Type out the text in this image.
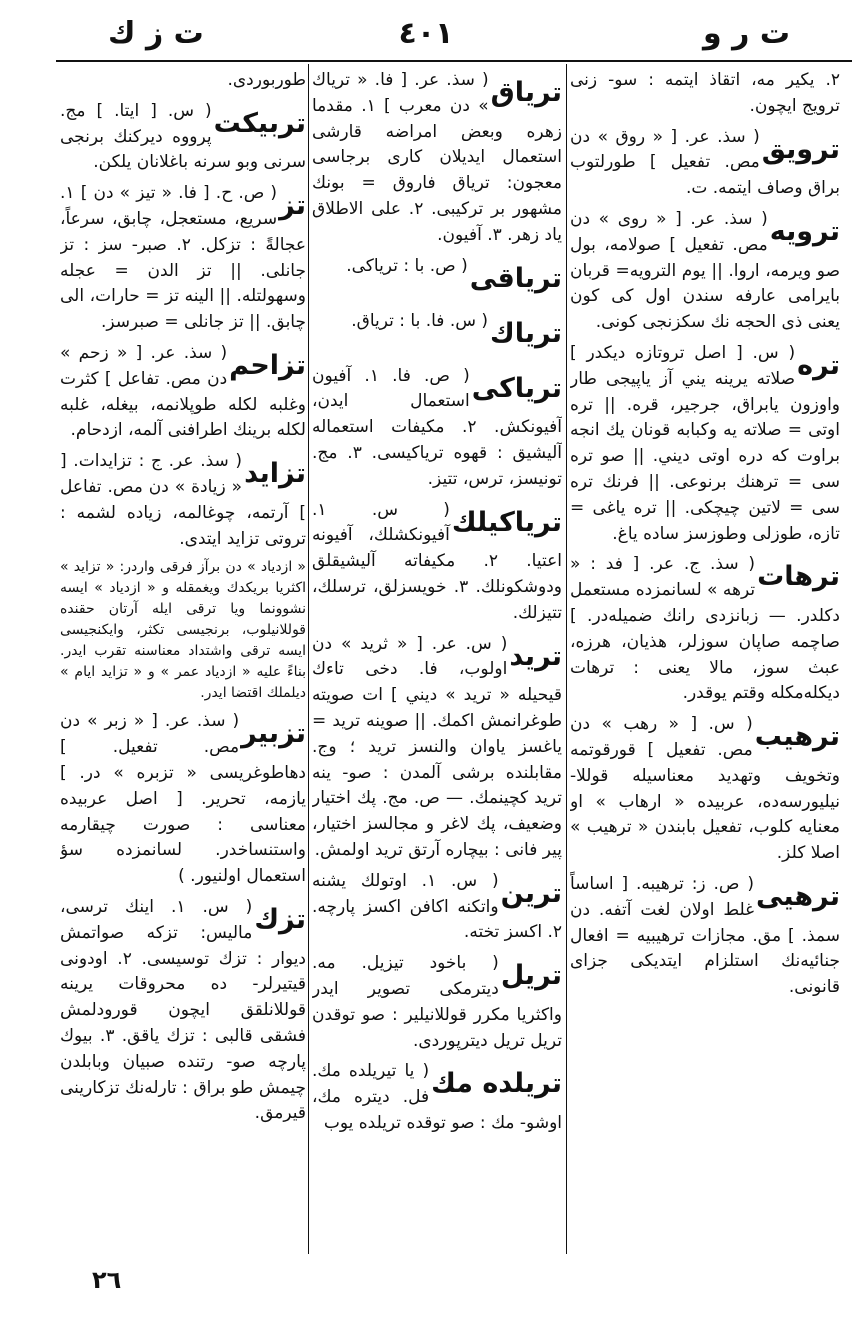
ت ر و
٤٠١
ت ز ك
٢. يكير مه، اتقاذ ايتمه : سو- زنى ترويج ايچون.
ترويق
( سذ. عر. [ « روق » دن مص. تفعيل ] طورلتوب براق وصاف ايتمه. ت.
ترويه
( سذ. عر. [ « روى » دن مص. تفعيل ] صولامه، بول صو ويرمه، اروا. || يوم الترويه= قربان بايرامى عارفه سندن اول كى كون يعنى ذى الحجه نك سكزنجى كونى.
تره
( س. [ اصل تروتازه ديكدر ] صلاته يرينه يني آز ياپيجى طار واوزون يابراق، جرجير، قره. || تره اوتى = صلاته يه وكبابه قونان يك انجه براوت كه دره اوتى ديني. || صو تره سى = ترهنك برنوعى. || فرنك تره سى = لاتين چيچكى. || تره ياغى = تازه، طوزلى وطوزسز ساده ياغ.
ترهات
( سذ. ج. عر. [ فد : « ترهه » لسانمزده مستعمل دكلدر. — زبانزدى رانك ضميله‌در. ] صاچمه صاپان سوزلر، هذيان، هرزه، عبث سوز، مالا يعنى : ترهات ديكله‌مكله وقتم يوقدر.
ترهيب
( س. [ « رهب » دن مص. تفعيل ] قورقوتمه وتخويف وتهديد معناسيله قوللا- نيليورسه‌ده، عربيده « ارهاب » او معنايه كلوب، تفعيل بابندن « ترهيب » اصلا كلز.
ترهيى
( ص. ز: ترهيبه. [ اساساً غلط اولان لغت آتفه. دن سمذ. ] مق. مجازات ترهيبيه = افعال جنائيه‌نك استلزام ايتديكى جزاى قانونى.
ترياق
( سذ. عر. [ فا. « ترياك » دن معرب ] ١. مقدما زهره وبعض امراضه قارشى استعمال ايديلان كارى برجاسى معجون: ترياق فاروق = بونك مشهور بر تركيبى. ٢. على الاطلاق ياد زهر. ٣. آفيون.
ترياقى
( ص. با : ترياكى.
ترياك
( س. فا. با : ترياق.
ترياكى
( ص. فا. ١. آفيون استعمال ايدن، آفيونكش. ٢. مكيفات استعماله آليشيق : قهوه ترياكيسى. ٣. مج. تونيسز، ترس، تتيز.
ترياكيلك
( س. ١. آفيونكشلك، آفيونه اعتيا. ٢. مكيفاته آليشيقلق ودوشكونلك. ٣. خويسزلق، ترسلك، تتيزلك.
تريد
( س. عر. [ « ثريد » دن اولوب، فا. دخى تاءك قيحيله « تريد » ديني ] ات صويته طوغرانمش اكمك. || صوينه تريد = ياغسز ياوان والنسز تريد ؛ وج. مقابلنده برشى آلمدن : صو- ينه تريد كچينمك. — ص. مج. پك اختيار وضعيف، پك لاغر و مجالسز اختيار، پير فانى : بيچاره آرتق تريد اولمش.
ترين
( س. ١. اوتولك يشنه واتكنه اكافن اكسز پارچه. ٢. اكسز تخته.
تريل
( باخود تيزيل. مه. ديترمكى تصوير ايدر واكثريا مكرر قوللانيلير : صو توقدن تريل تريل ديترپوردى.
تريلده مك
( يا تيريلده مك. فل. ديتره مك، اوشو- مك : صو توقده تريلده يوب
طوربوردى.
تربيكت
( س. [ ايتا. ] مج. پرووه ديركنك برنجى سرنى وبو سرنه باغلانان يلكن.
تز
( ص. ح. [ فا. « تيز » دن ] ١. سريع، مستعجل، چابق، سرعاً، عجالةً : تزكل. ٢. صبر- سز : تز جانلى. || تز الدن = عجله وسهولتله. || الينه تز = حارات، الى چابق. || تز جانلى = صبرسز.
تزاحم
( سذ. عر. [ « زحم » دن مص. تفاعل ] كثرت وغلبه لكله طوپلانمه، بيغله، غلبه لكله برينك اطرافنى آلمه، ازدحام.
تزايد
( سذ. عر. ج : تزايدات. [ « زيادة » دن مص. تفاعل ] آرتمه، چوغالمه، زياده لشمه : تروتى تزايد ايتدى.
« ازدياد » دن برآز فرقى واردر: « تزايد » اكثريا بريكدك ويغمقله و « ازدياد » ايسه نشوونما ويا ترقى ايله آرتان حقنده قوللانيلوب، برنجيسى تكثر، وايكنجيسى ايسه ترقى واشتداد معناسنه تقرب ايدر. بناءً عليه « ازدياد عمر » و « تزايد ايام » ديلملك اقتضا ايدر.
تزبير
( سذ. عر. [ « زبر » دن مص. تفعيل. ] دهاطوغريسى « تزبره » در. ] يازمه، تحرير. [ اصل عربيده معناسى : صورت چيقارمه واستنساخدر. لسانمزده سؤ استعمال اولنيور. )
تزك
( س. ١. اينك ترسى، ماليس: تزكه صواتمش ديوار : تزك توسيسى. ٢. اودونى قيتيرلر- ده محروقات يرينه قوللانلقق ايچون قورودلمش فشقى قالبى : تزك ياقق. ٣. بيوك پارچه صو- رتنده صبيان وبابلدن چيمش طو براق : تارله‌نك تزكارينى قيرمق.
٢٦
